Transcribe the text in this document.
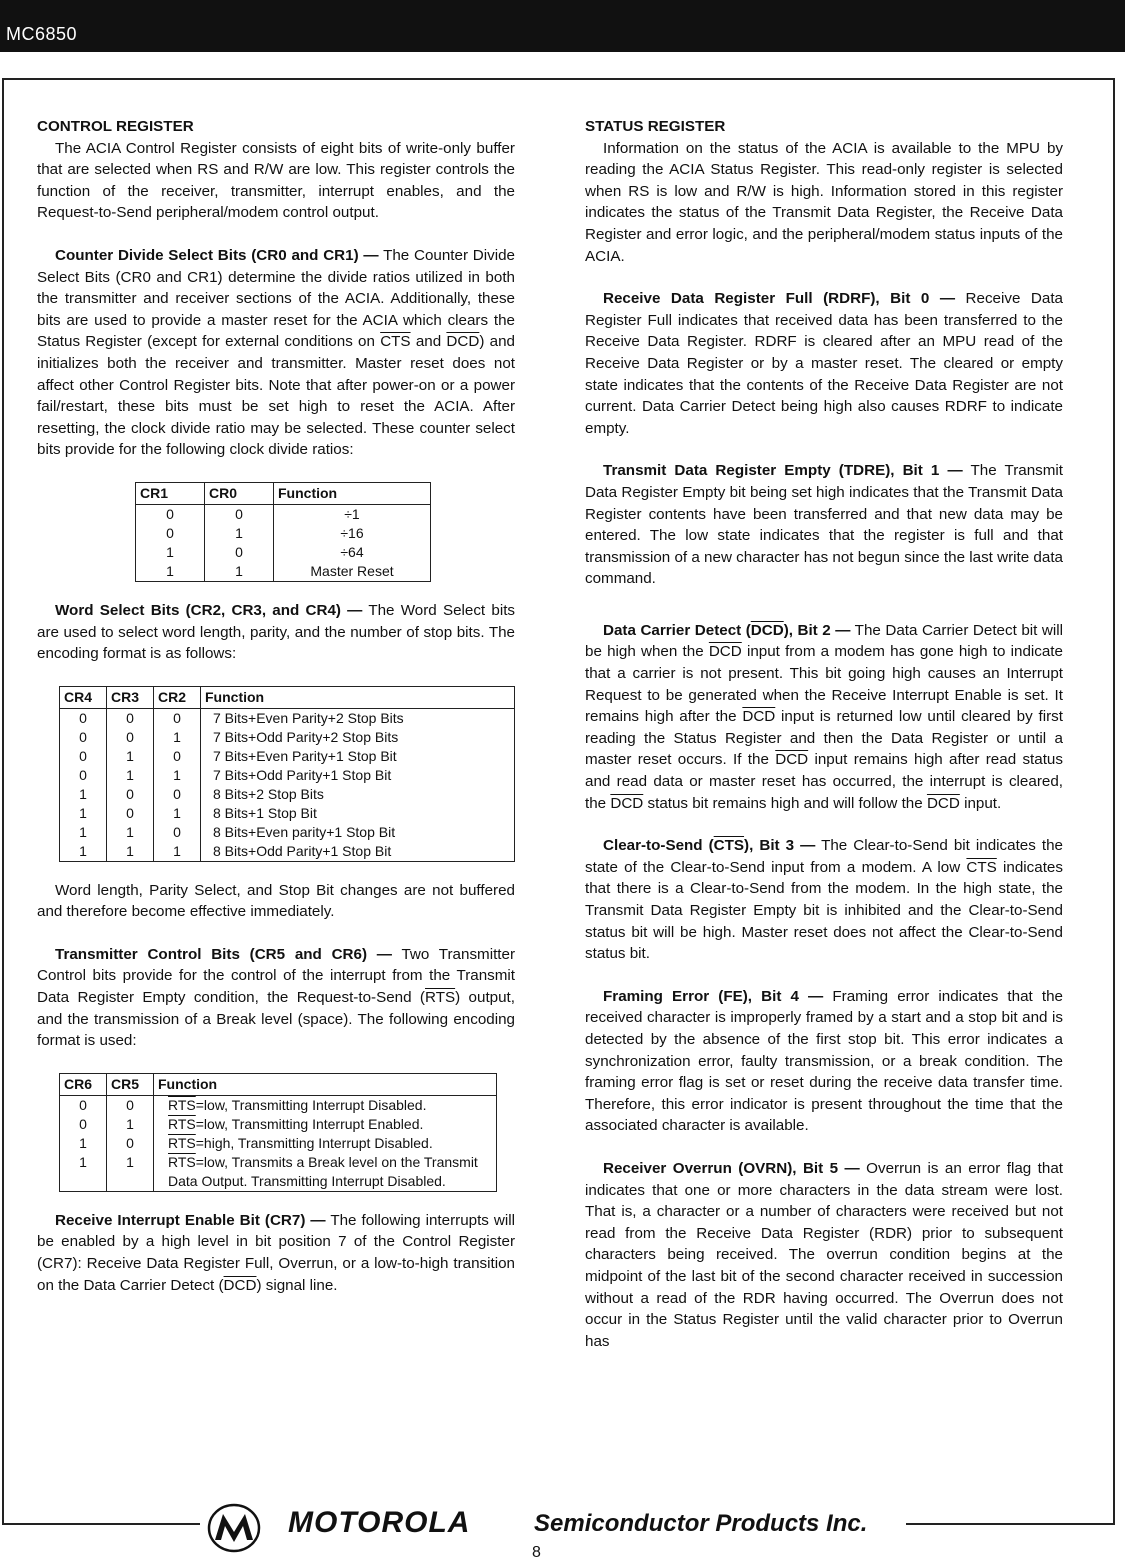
MC6850
CONTROL REGISTER

The ACIA Control Register consists of eight bits of write-only buffer that are selected when RS and R/W are low. This register controls the function of the receiver, transmitter, interrupt enables, and the Request-to-Send peripheral/modem control output.

Counter Divide Select Bits (CR0 and CR1) — The Counter Divide Select Bits (CR0 and CR1) determine the divide ratios utilized in both the transmitter and receiver sections of the ACIA. Additionally, these bits are used to provide a master reset for the ACIA which clears the Status Register (except for external conditions on $\overline{CTS}$ and $\overline{DCD}$) and initializes both the receiver and transmitter. Master reset does not affect other Control Register bits. Note that after power-on or a power fail/restart, these bits must be set high to reset the ACIA. After resetting, the clock divide ratio may be selected. These counter select bits provide for the following clock divide ratios:

CR1	CR0	Function
0	0	÷1
0	1	÷16
1	0	÷64
1	1	Master Reset

Word Select Bits (CR2, CR3, and CR4) — The Word Select bits are used to select word length, parity, and the number of stop bits. The encoding format is as follows:

CR4	CR3	CR2	Function
0	0	0	7 Bits+Even Parity+2 Stop Bits
0	0	1	7 Bits+Odd Parity+2 Stop Bits
0	1	0	7 Bits+Even Parity+1 Stop Bit
0	1	1	7 Bits+Odd Parity+1 Stop Bit
1	0	0	8 Bits+2 Stop Bits
1	0	1	8 Bits+1 Stop Bit
1	1	0	8 Bits+Even parity+1 Stop Bit
1	1	1	8 Bits+Odd Parity+1 Stop Bit

Word length, Parity Select, and Stop Bit changes are not buffered and therefore become effective immediately.

Transmitter Control Bits (CR5 and CR6) — Two Transmitter Control bits provide for the control of the interrupt from the Transmit Data Register Empty condition, the Request-to-Send $(\overline{RTS})$ output, and the transmission of a Break level (space). The following encoding format is used:

CR6	CR5	Function
0	0	$\overline{RTS}=low$, Transmitting Interrupt Disabled.
0	1	$\overline{RTS}=low$, Transmitting Interrupt Enabled.
1	0	$\overline{RTS}=high$, Transmitting Interrupt Disabled.
1	1	$\overline{RTS}=low$, Transmits a Break level on the Transmit Data Output. Transmitting Interrupt Disabled.

Receive Interrupt Enable Bit (CR7) — The following interrupts will be enabled by a high level in bit position 7 of the Control Register (CR7): Receive Data Register Full, Overrun, or a low-to-high transition on the Data Carrier Detect $(\overline{DCD})$ signal line.

STATUS REGISTER

Information on the status of the ACIA is available to the MPU by reading the ACIA Status Register. This read-only register is selected when RS is low and R/W is high. Information stored in this register indicates the status of the Transmit Data Register, the Receive Data Register and error logic, and the peripheral/modem status inputs of the ACIA.

Receive Data Register Full (RDRF), Bit 0 — Receive Data Register Full indicates that received data has been transferred to the Receive Data Register. RDRF is cleared after an MPU read of the Receive Data Register or by a master reset. The cleared or empty state indicates that the contents of the Receive Data Register are not current. Data Carrier Detect being high also causes RDRF to indicate empty.

Transmit Data Register Empty (TDRE), Bit 1 — The Transmit Data Register Empty bit being set high indicates that the Transmit Data Register contents have been transferred and that new data may be entered. The low state indicates that the register is full and that transmission of a new character has not begun since the last write data command.

Data Carrier Detect $(\overline{DCD})$, Bit 2 — The Data Carrier Detect bit will be high when the $\overline{DCD}$ input from a modem has gone high to indicate that a carrier is not present. This bit going high causes an Interrupt Request to be generated when the Receive Interrupt Enable is set. It remains high after the $\overline{DCD}$ input is returned low until cleared by first reading the Status Register and then the Data Register or until a master reset occurs. If the $\overline{DCD}$ input remains high after read status and read data or master reset has occurred, the interrupt is cleared, the $\overline{DCD}$ status bit remains high and will follow the $\overline{DCD}$ input.

Clear-to-Send $(\overline{CTS})$, Bit 3 — The Clear-to-Send bit indicates the state of the Clear-to-Send input from a modem. A low $\overline{CTS}$ indicates that there is a Clear-to-Send from the modem. In the high state, the Transmit Data Register Empty bit is inhibited and the Clear-to-Send status bit will be high. Master reset does not affect the Clear-to-Send status bit.

Framing Error (FE), Bit 4 — Framing error indicates that the received character is improperly framed by a start and a stop bit and is detected by the absence of the first stop bit. This error indicates a synchronization error, faulty transmission, or a break condition. The framing error flag is set or reset during the receive data transfer time. Therefore, this error indicator is present throughout the time that the associated character is available.

Receiver Overrun (OVRN), Bit 5 — Overrun is an error flag that indicates that one or more characters in the data stream were lost. That is, a character or a number of characters were received but not read from the Receive Data Register (RDR) prior to subsequent characters being received. The overrun condition begins at the midpoint of the last bit of the second character received in succession without a read of the RDR having occurred. The Overrun does not occur in the Status Register until the valid character prior to Overrun has

MOTOROLA	Semiconductor Products Inc.
8
